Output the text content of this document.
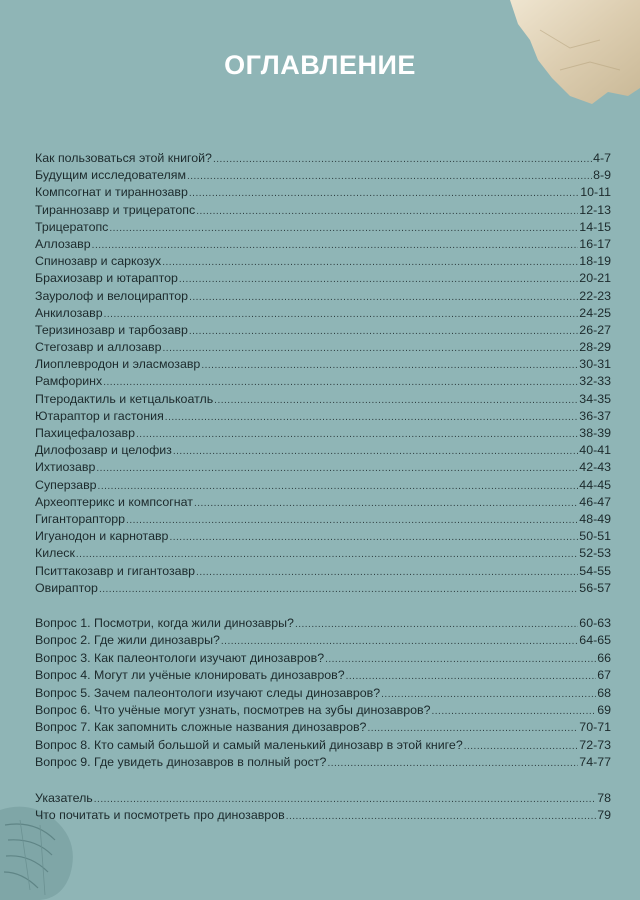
ОГЛАВЛЕНИЕ
Как пользоваться этой книгой? .....	4-7
Будущим исследователям .....	8-9
Компсогнат и тираннозавр .....	10-11
Тираннозавр и трицератопс .....	12-13
Трицератопс .....	14-15
Аллозавр .....	16-17
Спинозавр и саркозух .....	18-19
Брахиозавр и ютараптор .....	20-21
Зауролоф и велоцираптор .....	22-23
Анкилозавр .....	24-25
Теризинозавр и тарбозавр .....	26-27
Стегозавр и аллозавр .....	28-29
Лиоплевродон и эласмозавр .....	30-31
Рамфоринх .....	32-33
Птеродактиль и кетцалькоатль .....	34-35
Ютараптор и гастония .....	36-37
Пахицефалозавр .....	38-39
Дилофозавр и целофиз .....	40-41
Ихтиозавр .....	42-43
Суперзавр .....	44-45
Археоптерикс и компсогнат .....	46-47
Гиганторапторр .....	48-49
Игуанодон и карнотавр .....	50-51
Килеск .....	52-53
Пситтакозавр и гигантозавр .....	54-55
Овираптор .....	56-57
Вопрос 1. Посмотри, когда жили динозавры? .....	60-63
Вопрос 2. Где жили динозавры? .....	64-65
Вопрос 3. Как палеонтологи изучают динозавров? .....	66
Вопрос 4. Могут ли учёные клонировать динозавров? .....	67
Вопрос 5. Зачем палеонтологи изучают следы динозавров? .....	68
Вопрос 6. Что учёные могут узнать, посмотрев на зубы динозавров? .....	69
Вопрос 7. Как запомнить сложные названия динозавров? .....	70-71
Вопрос 8. Кто самый большой и самый маленький динозавр в этой книге? .....	72-73
Вопрос 9. Где увидеть динозавров в полный рост? .....	74-77
Указатель .....	78
Что почитать и посмотреть про динозавров .....	79
